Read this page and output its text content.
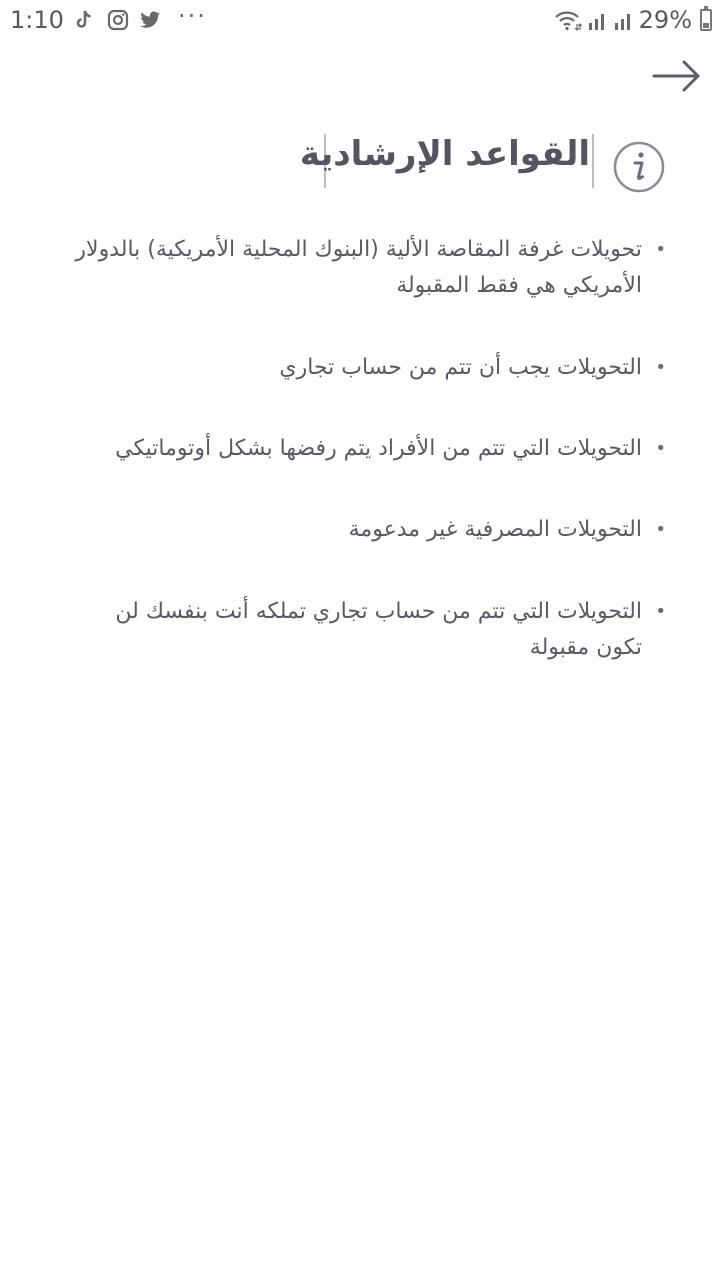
1:10	···	29%
القواعد الإرشادية
• تحويلات غرفة المقاصة الألية (البنوك المحلية الأمريكية) بالدولار الأمريكي هي فقط المقبولة
• التحويلات يجب أن تتم من حساب تجاري
• التحويلات التي تتم من الأفراد يتم رفضها بشكل أوتوماتيكي
• التحويلات المصرفية غير مدعومة
• التحويلات التي تتم من حساب تجاري تملكه أنت بنفسك لن تكون مقبولة
